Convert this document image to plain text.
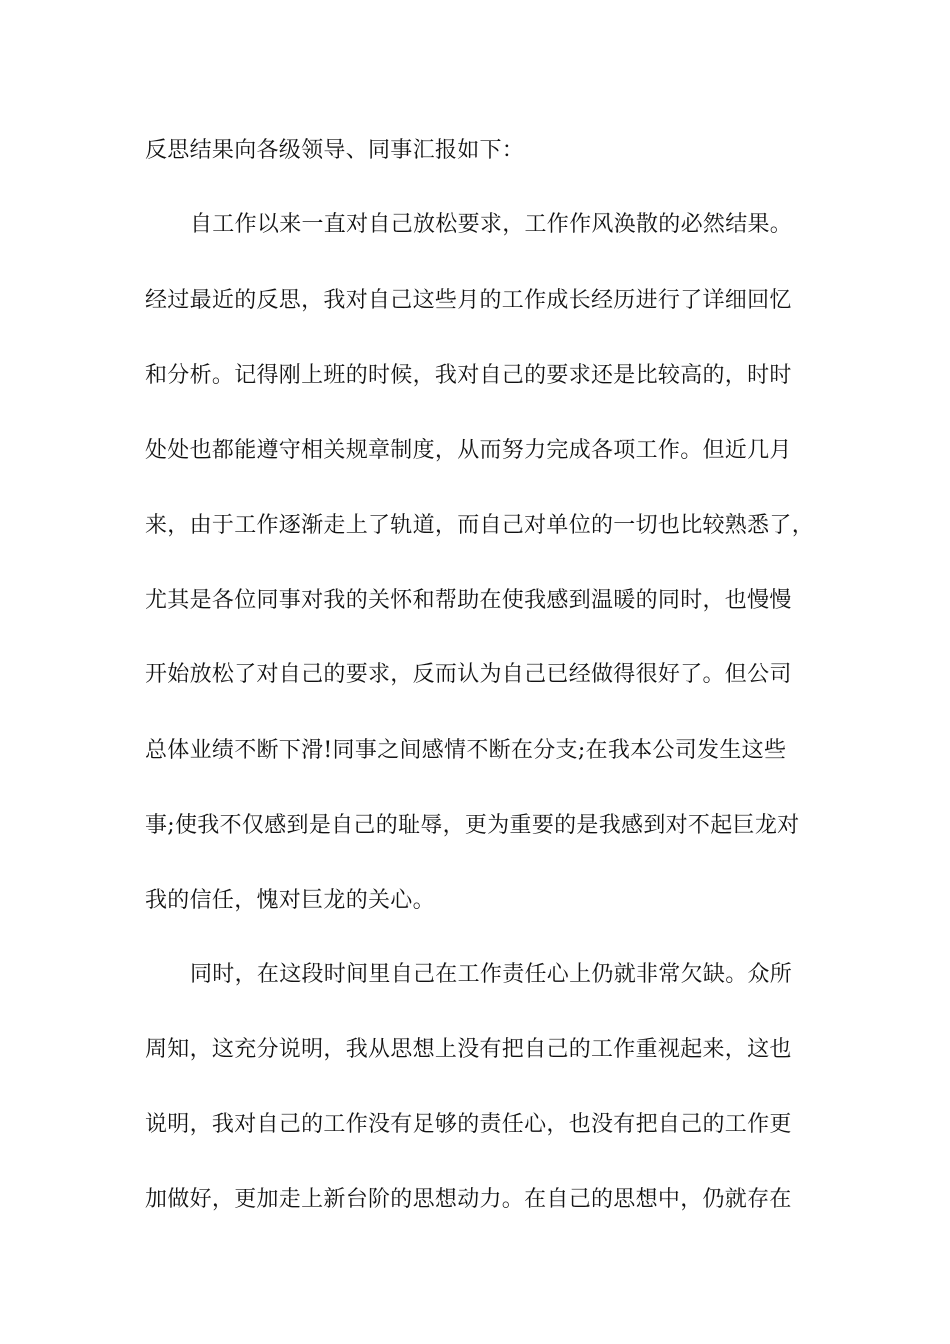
反思结果向各级领导、同事汇报如下：
自工作以来一直对自己放松要求，工作作风涣散的必然结果。
经过最近的反思，我对自己这些月的工作成长经历进行了详细回忆
和分析。记得刚上班的时候，我对自己的要求还是比较高的，时时
处处也都能遵守相关规章制度，从而努力完成各项工作。但近几月
来，由于工作逐渐走上了轨道，而自己对单位的一切也比较熟悉了，
尤其是各位同事对我的关怀和帮助在使我感到温暖的同时，也慢慢
开始放松了对自己的要求，反而认为自己已经做得很好了。但公司
总体业绩不断下滑!同事之间感情不断在分支;在我本公司发生这些
事;使我不仅感到是自己的耻辱，更为重要的是我感到对不起巨龙对
我的信任，愧对巨龙的关心。
同时，在这段时间里自己在工作责任心上仍就非常欠缺。众所
周知，这充分说明，我从思想上没有把自己的工作重视起来，这也
说明，我对自己的工作没有足够的责任心，也没有把自己的工作更
加做好，更加走上新台阶的思想动力。在自己的思想中，仍就存在
